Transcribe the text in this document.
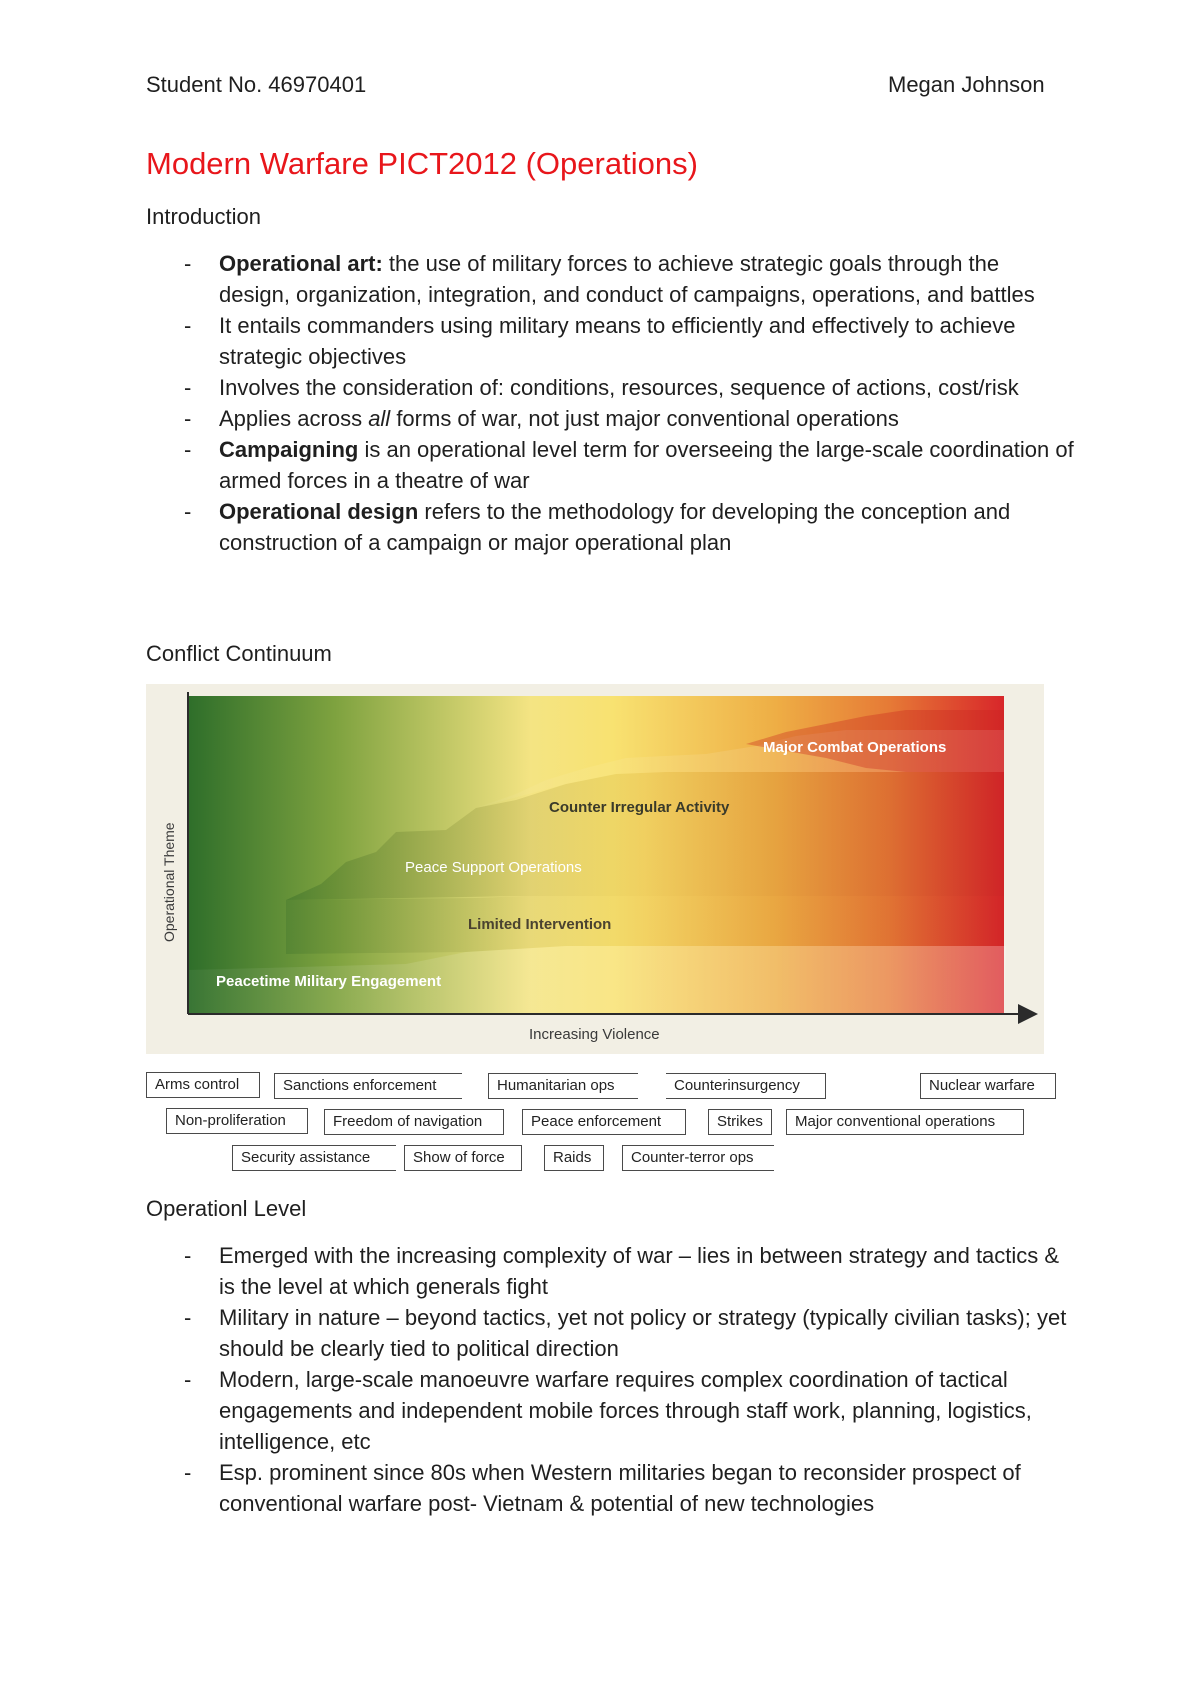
Student No. 46970401	Megan Johnson
Modern Warfare PICT2012 (Operations)
Introduction
- Operational art: the use of military forces to achieve strategic goals through the design, organization, integration, and conduct of campaigns, operations, and battles
- It entails commanders using military means to efficiently and effectively to achieve strategic objectives
- Involves the consideration of: conditions, resources, sequence of actions, cost/risk
- Applies across all forms of war, not just major conventional operations
- Campaigning is an operational level term for overseeing the large-scale coordination of armed forces in a theatre of war
- Operational design refers to the methodology for developing the conception and construction of a campaign or major operational plan
Conflict Continuum
Major Combat Operations
Counter Irregular Activity
Peace Support Operations
Limited Intervention
Peacetime Military Engagement
Increasing Violence
Operational Theme
Arms control	Sanctions enforcement	Humanitarian ops	Counterinsurgency	Nuclear warfare
Non-proliferation	Freedom of navigation	Peace enforcement	Strikes	Major conventional operations
Security assistance	Show of force	Raids	Counter-terror ops
Operationl Level
- Emerged with the increasing complexity of war – lies in between strategy and tactics & is the level at which generals fight
- Military in nature – beyond tactics, yet not policy or strategy (typically civilian tasks); yet should be clearly tied to political direction
- Modern, large-scale manoeuvre warfare requires complex coordination of tactical engagements and independent mobile forces through staff work, planning, logistics, intelligence, etc
- Esp. prominent since 80s when Western militaries began to reconsider prospect of conventional warfare post- Vietnam & potential of new technologies
